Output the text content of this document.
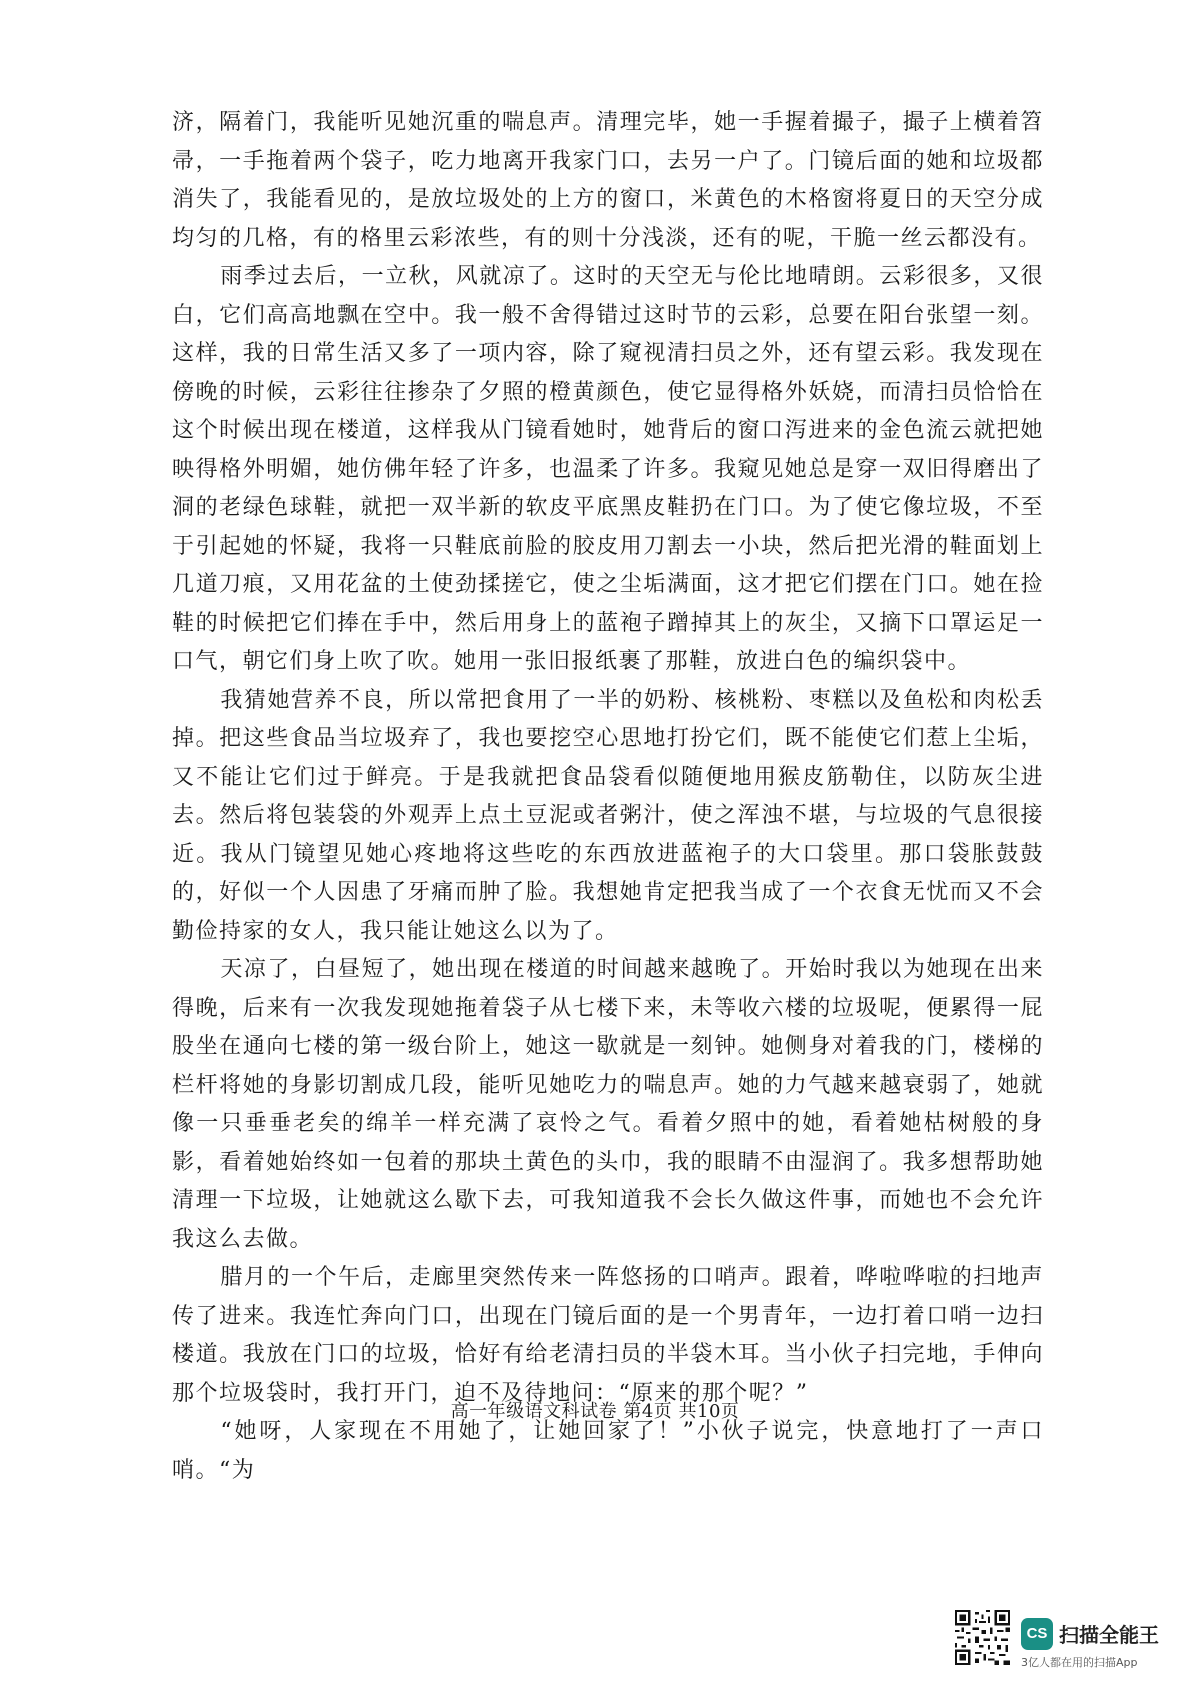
济，隔着门，我能听见她沉重的喘息声。清理完毕，她一手握着撮子，撮子上横着笤帚，一手拖着两个袋子，吃力地离开我家门口，去另一户了。门镜后面的她和垃圾都消失了，我能看见的，是放垃圾处的上方的窗口，米黄色的木格窗将夏日的天空分成均匀的几格，有的格里云彩浓些，有的则十分浅淡，还有的呢，干脆一丝云都没有。

雨季过去后，一立秋，风就凉了。这时的天空无与伦比地晴朗。云彩很多，又很白，它们高高地飘在空中。我一般不舍得错过这时节的云彩，总要在阳台张望一刻。这样，我的日常生活又多了一项内容，除了窥视清扫员之外，还有望云彩。我发现在傍晚的时候，云彩往往掺杂了夕照的橙黄颜色，使它显得格外妖娆，而清扫员恰恰在这个时候出现在楼道，这样我从门镜看她时，她背后的窗口泻进来的金色流云就把她映得格外明媚，她仿佛年轻了许多，也温柔了许多。我窥见她总是穿一双旧得磨出了洞的老绿色球鞋，就把一双半新的软皮平底黑皮鞋扔在门口。为了使它像垃圾，不至于引起她的怀疑，我将一只鞋底前脸的胶皮用刀割去一小块，然后把光滑的鞋面划上几道刀痕，又用花盆的土使劲揉搓它，使之尘垢满面，这才把它们摆在门口。她在捡鞋的时候把它们捧在手中，然后用身上的蓝袍子蹭掉其上的灰尘，又摘下口罩运足一口气，朝它们身上吹了吹。她用一张旧报纸裹了那鞋，放进白色的编织袋中。

我猜她营养不良，所以常把食用了一半的奶粉、核桃粉、枣糕以及鱼松和肉松丢掉。把这些食品当垃圾弃了，我也要挖空心思地打扮它们，既不能使它们惹上尘垢，又不能让它们过于鲜亮。于是我就把食品袋看似随便地用猴皮筋勒住，以防灰尘进去。然后将包装袋的外观弄上点土豆泥或者粥汁，使之浑浊不堪，与垃圾的气息很接近。我从门镜望见她心疼地将这些吃的东西放进蓝袍子的大口袋里。那口袋胀鼓鼓的，好似一个人因患了牙痛而肿了脸。我想她肯定把我当成了一个衣食无忧而又不会勤俭持家的女人，我只能让她这么以为了。

天凉了，白昼短了，她出现在楼道的时间越来越晚了。开始时我以为她现在出来得晚，后来有一次我发现她拖着袋子从七楼下来，未等收六楼的垃圾呢，便累得一屁股坐在通向七楼的第一级台阶上，她这一歇就是一刻钟。她侧身对着我的门，楼梯的栏杆将她的身影切割成几段，能听见她吃力的喘息声。她的力气越来越衰弱了，她就像一只垂垂老矣的绵羊一样充满了哀怜之气。看着夕照中的她，看着她枯树般的身影，看着她始终如一包着的那块土黄色的头巾，我的眼睛不由湿润了。我多想帮助她清理一下垃圾，让她就这么歇下去，可我知道我不会长久做这件事，而她也不会允许我这么去做。

腊月的一个午后，走廊里突然传来一阵悠扬的口哨声。跟着，哗啦哗啦的扫地声传了进来。我连忙奔向门口，出现在门镜后面的是一个男青年，一边打着口哨一边扫楼道。我放在门口的垃圾，恰好有给老清扫员的半袋木耳。当小伙子扫完地，手伸向那个垃圾袋时，我打开门，迫不及待地问：“原来的那个呢？”

“她呀，人家现在不用她了，让她回家了！”小伙子说完，快意地打了一声口哨。“为

高一年级语文科试卷 第4页 共10页
CS 扫描全能王
3亿人都在用的扫描App
